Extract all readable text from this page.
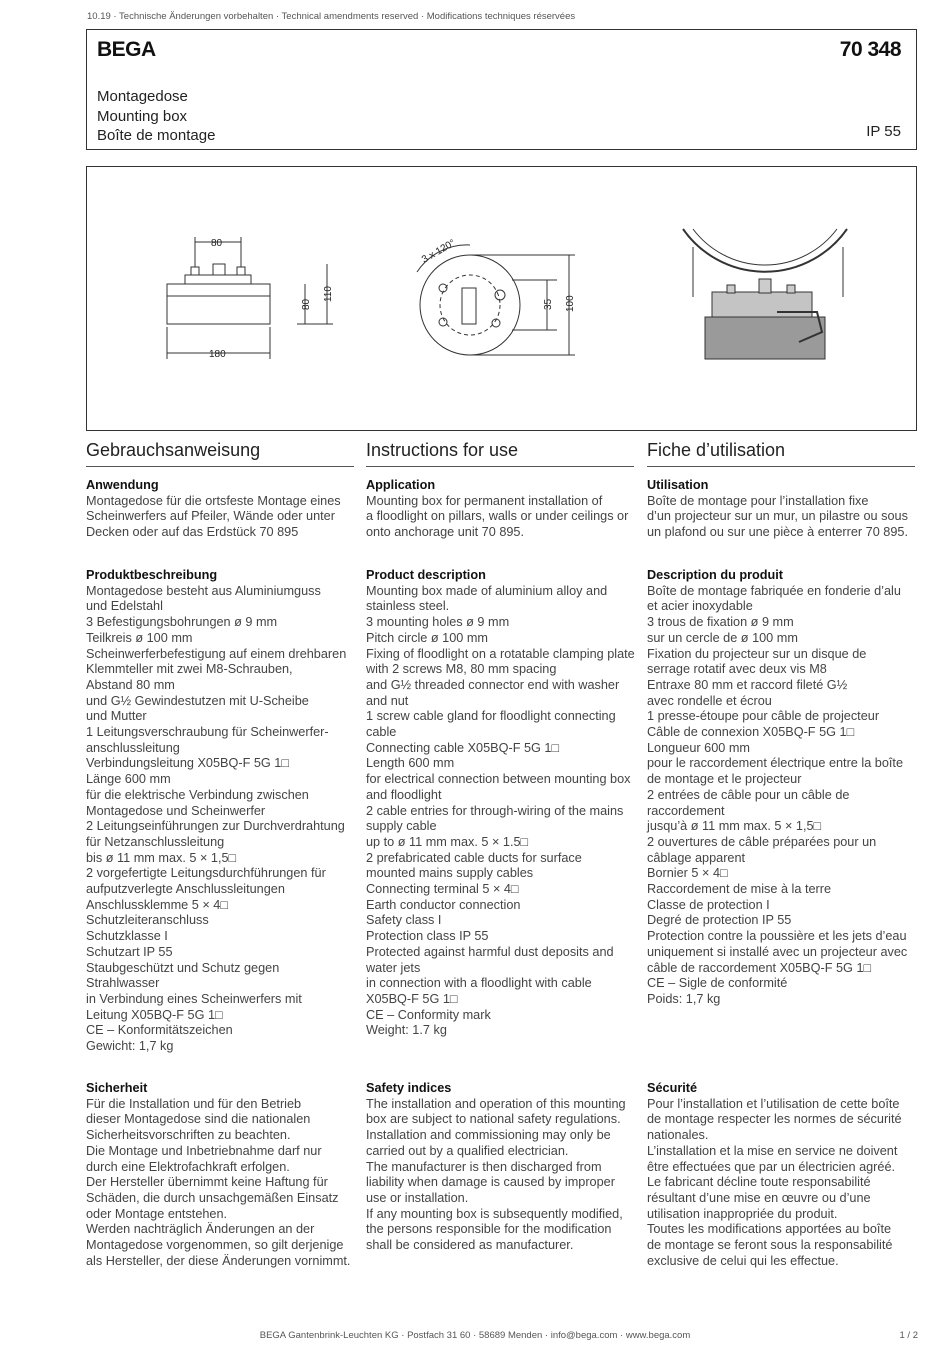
10.19 · Technische Änderungen vorbehalten · Technical amendments reserved · Modifications techniques réservées
BEGA	70 348
Montagedose
Mounting box
Boîte de montage	IP 55
80
180
80
110
3 x 120°
35 100
Gebrauchsanweisung
Anwendung
Montagedose für die ortsfeste Montage eines
Scheinwerfers auf Pfeiler, Wände oder unter
Decken oder auf das Erdstück 70 895
Produktbeschreibung
Montagedose besteht aus Aluminiumguss
und Edelstahl
3 Befestigungsbohrungen ø 9 mm
Teilkreis ø 100 mm
Scheinwerferbefestigung auf einem drehbaren
Klemmteller mit zwei M8-Schrauben,
Abstand 80 mm
und G½ Gewindestutzen mit U-Scheibe
und Mutter
1 Leitungsverschraubung für Scheinwerfer-
anschlussleitung
Verbindungsleitung X05BQ-F 5G 1□
Länge 600 mm
für die elektrische Verbindung zwischen
Montagedose und Scheinwerfer
2 Leitungseinführungen zur Durchverdrahtung
für Netzanschlussleitung
bis ø 11 mm max. 5 × 1,5□
2 vorgefertigte Leitungsdurchführungen für
aufputzverlegte Anschlussleitungen
Anschlussklemme 5 × 4□
Schutzleiteranschluss
Schutzklasse I
Schutzart IP 55
Staubgeschützt und Schutz gegen
Strahlwasser
in Verbindung eines Scheinwerfers mit
Leitung X05BQ-F 5G 1□
CE – Konformitätszeichen
Gewicht: 1,7 kg
Sicherheit
Für die Installation und für den Betrieb
dieser Montagedose sind die nationalen
Sicherheitsvorschriften zu beachten.
Die Montage und Inbetriebnahme darf nur
durch eine Elektrofachkraft erfolgen.
Der Hersteller übernimmt keine Haftung für
Schäden, die durch unsachgemäßen Einsatz
oder Montage entstehen.
Werden nachträglich Änderungen an der
Montagedose vorgenommen, so gilt derjenige
als Hersteller, der diese Änderungen vornimmt.
Instructions for use
Application
Mounting box for permanent installation of
a floodlight on pillars, walls or under ceilings or
onto anchorage unit 70 895.
Product description
Mounting box made of aluminium alloy and
stainless steel.
3 mounting holes ø 9 mm
Pitch circle ø 100 mm
Fixing of floodlight on a rotatable clamping plate
with 2 screws M8, 80 mm spacing
and G½ threaded connector end with washer
and nut
1 screw cable gland for floodlight connecting
cable
Connecting cable X05BQ-F 5G 1□
Length 600 mm
for electrical connection between mounting box
and floodlight
2 cable entries for through-wiring of the mains
supply cable
up to ø 11 mm max. 5 × 1.5□
2 prefabricated cable ducts for surface
mounted mains supply cables
Connecting terminal 5 × 4□
Earth conductor connection
Safety class I
Protection class IP 55
Protected against harmful dust deposits and
water jets
in connection with a floodlight with cable
X05BQ-F 5G 1□
CE – Conformity mark
Weight: 1.7 kg
Safety indices
The installation and operation of this mounting
box are subject to national safety regulations.
Installation and commissioning may only be
carried out by a qualified electrician.
The manufacturer is then discharged from
liability when damage is caused by improper
use or installation.
If any mounting box is subsequently modified,
the persons responsible for the modification
shall be considered as manufacturer.
Fiche d’utilisation
Utilisation
Boîte de montage pour l’installation fixe
d’un projecteur sur un mur, un pilastre ou sous
un plafond ou sur une pièce à enterrer 70 895.
Description du produit
Boîte de montage fabriquée en fonderie d’alu
et acier inoxydable
3 trous de fixation ø 9 mm
sur un cercle de ø 100 mm
Fixation du projecteur sur un disque de
serrage rotatif avec deux vis M8
Entraxe 80 mm et raccord fileté G½
avec rondelle et écrou
1 presse-étoupe pour câble de projecteur
Câble de connexion X05BQ-F 5G 1□
Longueur 600 mm
pour le raccordement électrique entre la boîte
de montage et le projecteur
2 entrées de câble pour un câble de
raccordement
jusqu’à ø 11 mm max. 5 × 1,5□
2 ouvertures de câble préparées pour un
câblage apparent
Bornier 5 × 4□
Raccordement de mise à la terre
Classe de protection I
Degré de protection IP 55
Protection contre la poussière et les jets d’eau
uniquement si installé avec un projecteur avec
câble de raccordement X05BQ-F 5G 1□
CE – Sigle de conformité
Poids: 1,7 kg
Sécurité
Pour l’installation et l’utilisation de cette boîte
de montage respecter les normes de sécurité
nationales.
L’installation et la mise en service ne doivent
être effectuées que par un électricien agréé.
Le fabricant décline toute responsabilité
résultant d’une mise en œuvre ou d’une
utilisation inappropriée du produit.
Toutes les modifications apportées au boîte
de montage se feront sous la responsabilité
exclusive de celui qui les effectue.
BEGA Gantenbrink-Leuchten KG · Postfach 31 60 · 58689 Menden · info@bega.com · www.bega.com	1 / 2
